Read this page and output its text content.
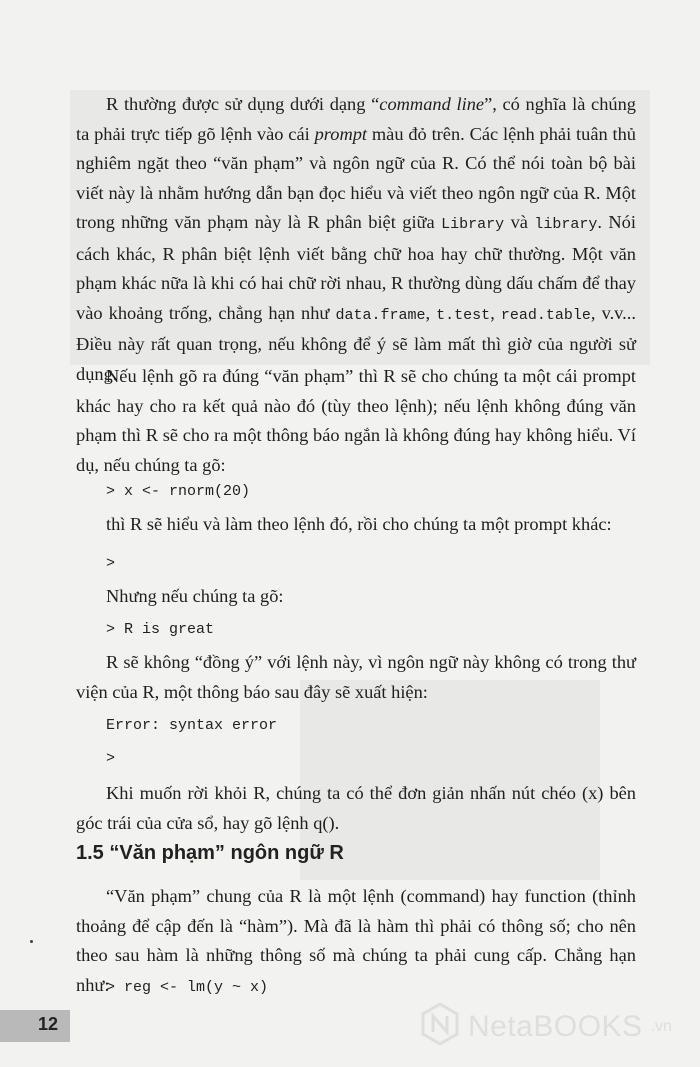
R thường được sử dụng dưới dạng “command line”, có nghĩa là chúng ta phải trực tiếp gõ lệnh vào cái prompt màu đỏ trên. Các lệnh phải tuân thủ nghiêm ngặt theo “văn phạm” và ngôn ngữ của R. Có thể nói toàn bộ bài viết này là nhằm hướng dẫn bạn đọc hiểu và viết theo ngôn ngữ của R. Một trong những văn phạm này là R phân biệt giữa Library và library. Nói cách khác, R phân biệt lệnh viết bằng chữ hoa hay chữ thường. Một văn phạm khác nữa là khi có hai chữ rời nhau, R thường dùng dấu chấm để thay vào khoảng trống, chẳng hạn như data.frame, t.test, read.table, v.v... Điều này rất quan trọng, nếu không để ý sẽ làm mất thì giờ của người sử dụng.

Nếu lệnh gõ ra đúng “văn phạm” thì R sẽ cho chúng ta một cái prompt khác hay cho ra kết quả nào đó (tùy theo lệnh); nếu lệnh không đúng văn phạm thì R sẽ cho ra một thông báo ngắn là không đúng hay không hiểu. Ví dụ, nếu chúng ta gõ:

> x <- rnorm(20)

thì R sẽ hiểu và làm theo lệnh đó, rồi cho chúng ta một prompt khác:

>

Nhưng nếu chúng ta gõ:

> R is great

R sẽ không “đồng ý” với lệnh này, vì ngôn ngữ này không có trong thư viện của R, một thông báo sau đây sẽ xuất hiện:

Error: syntax error

>

Khi muốn rời khỏi R, chúng ta có thể đơn giản nhấn nút chéo (x) bên góc trái của cửa sổ, hay gõ lệnh q().

1.5 “Văn phạm” ngôn ngữ R

“Văn phạm” chung của R là một lệnh (command) hay function (thỉnh thoảng để cập đến là “hàm”). Mà đã là hàm thì phải có thông số; cho nên theo sau hàm là những thông số mà chúng ta phải cung cấp. Chẳng hạn như:

> reg <- lm(y ~ x)

12	NetaBOOKS .vn
